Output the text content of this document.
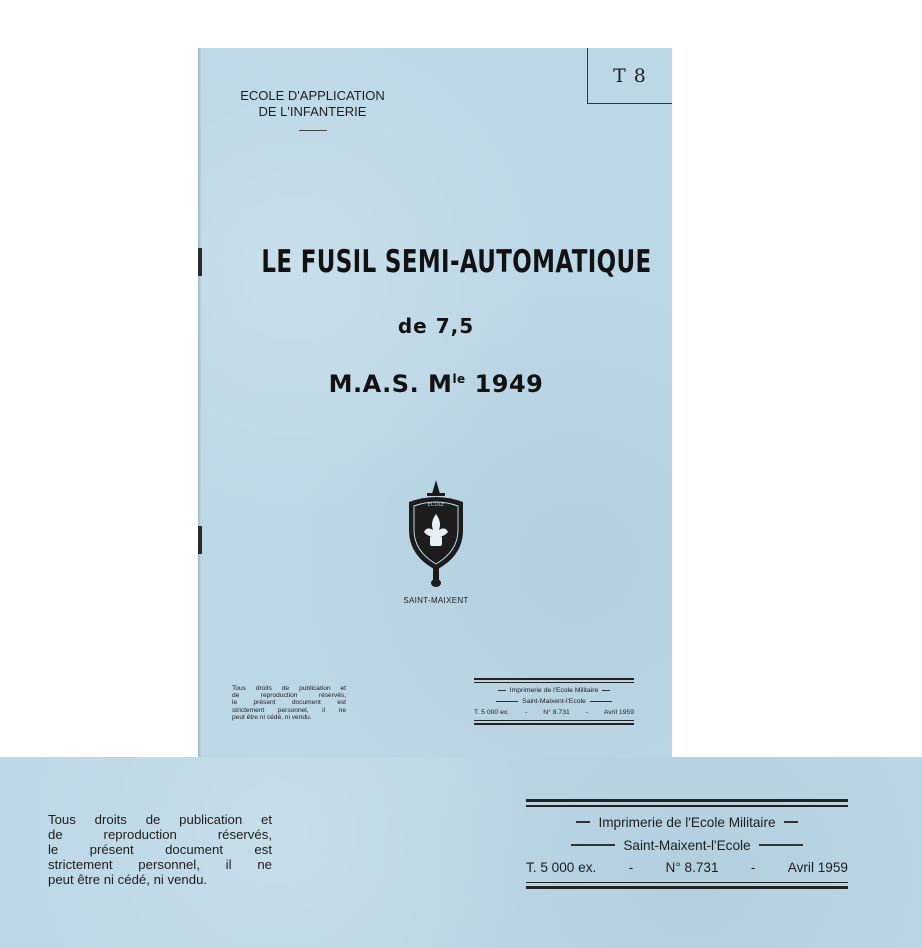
T 8
ECOLE D'APPLICATION
DE L'INFANTERIE
LE FUSIL SEMI-AUTOMATIQUE
de 7,5
M.A.S. $M^{le}$ 1949
ECOLE
SAINT-MAIXENT
Tous droits de publication et
de reproduction réservés,
le présent document est
strictement personnel, il ne
peut être ni cédé, ni vendu.
Imprimerie de l'Ecole Militaire
Saint-Maixent-l'Ecole
T. 5 000 ex. - N° 8.731 - Avril 1959
Tous droits de publication et
de reproduction réservés,
le présent document est
strictement personnel, il ne
peut être ni cédé, ni vendu.
Imprimerie de l'Ecole Militaire
Saint-Maixent-l'Ecole
T. 5 000 ex. - N° 8.731 - Avril 1959
